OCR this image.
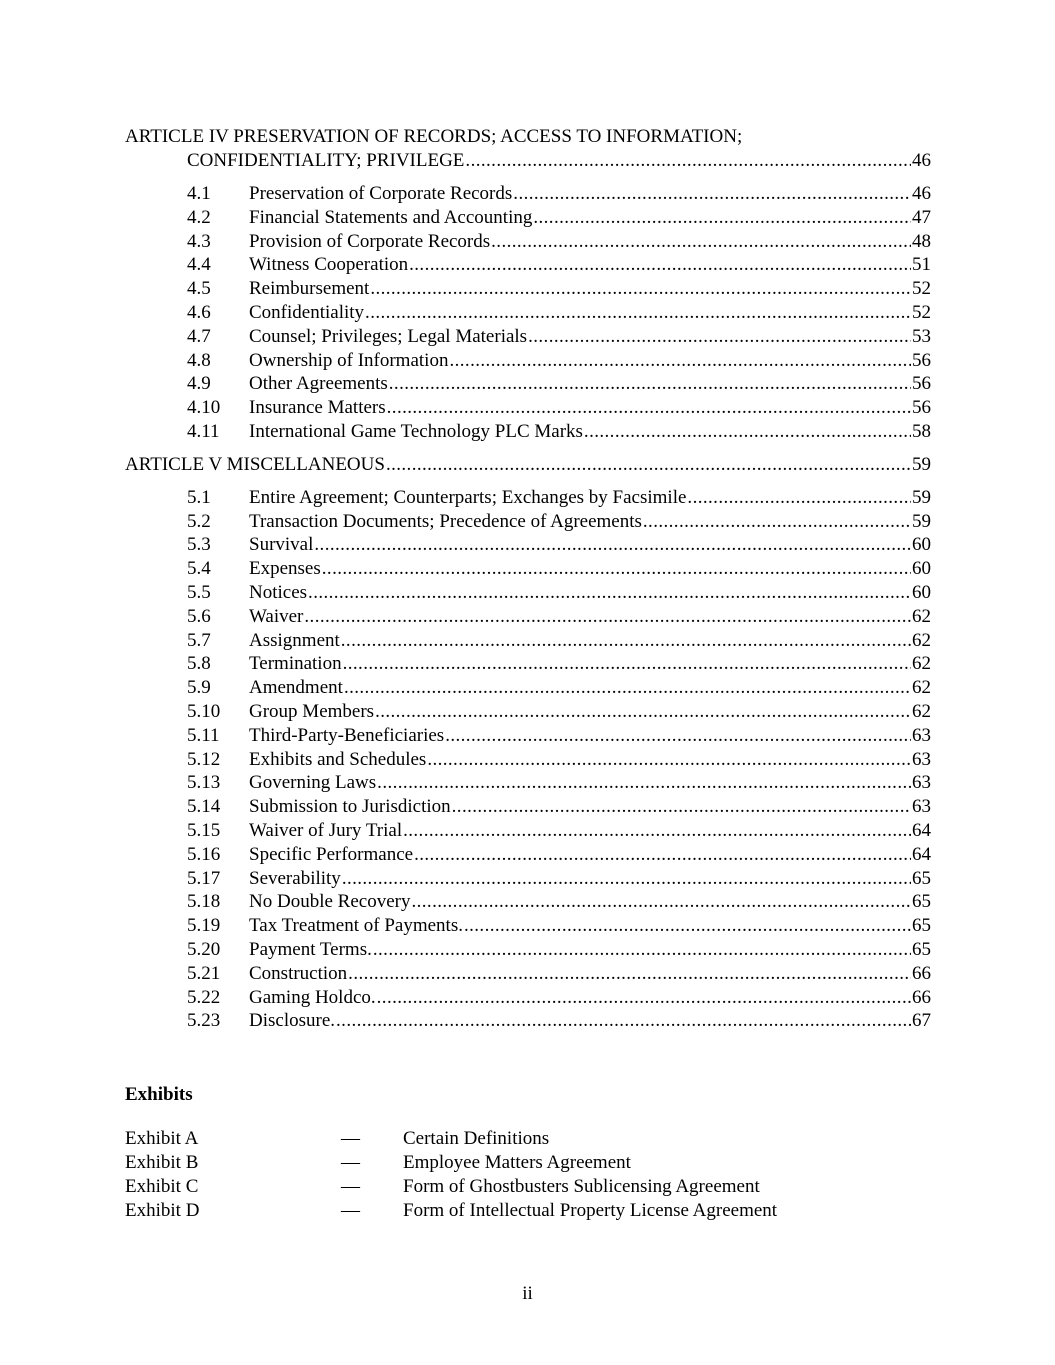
ARTICLE IV PRESERVATION OF RECORDS; ACCESS TO INFORMATION;
CONFIDENTIALITY; PRIVILEGE .....	46
4.1	Preservation of Corporate Records .....	46
4.2	Financial Statements and Accounting .....	47
4.3	Provision of Corporate Records .....	48
4.4	Witness Cooperation .....	51
4.5	Reimbursement .....	52
4.6	Confidentiality .....	52
4.7	Counsel; Privileges; Legal Materials .....	53
4.8	Ownership of Information .....	56
4.9	Other Agreements .....	56
4.10	Insurance Matters .....	56
4.11	International Game Technology PLC Marks .....	58
ARTICLE V MISCELLANEOUS .....	59
5.1	Entire Agreement; Counterparts; Exchanges by Facsimile .....	59
5.2	Transaction Documents; Precedence of Agreements .....	59
5.3	Survival .....	60
5.4	Expenses .....	60
5.5	Notices .....	60
5.6	Waiver .....	62
5.7	Assignment .....	62
5.8	Termination .....	62
5.9	Amendment .....	62
5.10	Group Members .....	62
5.11	Third-Party-Beneficiaries .....	63
5.12	Exhibits and Schedules .....	63
5.13	Governing Laws .....	63
5.14	Submission to Jurisdiction .....	63
5.15	Waiver of Jury Trial .....	64
5.16	Specific Performance .....	64
5.17	Severability .....	65
5.18	No Double Recovery .....	65
5.19	Tax Treatment of Payments. .....	65
5.20	Payment Terms. .....	65
5.21	Construction .....	66
5.22	Gaming Holdco. .....	66
5.23	Disclosure. .....	67
Exhibits
Exhibit A	—	Certain Definitions
Exhibit B	—	Employee Matters Agreement
Exhibit C	—	Form of Ghostbusters Sublicensing Agreement
Exhibit D	—	Form of Intellectual Property License Agreement
ii
